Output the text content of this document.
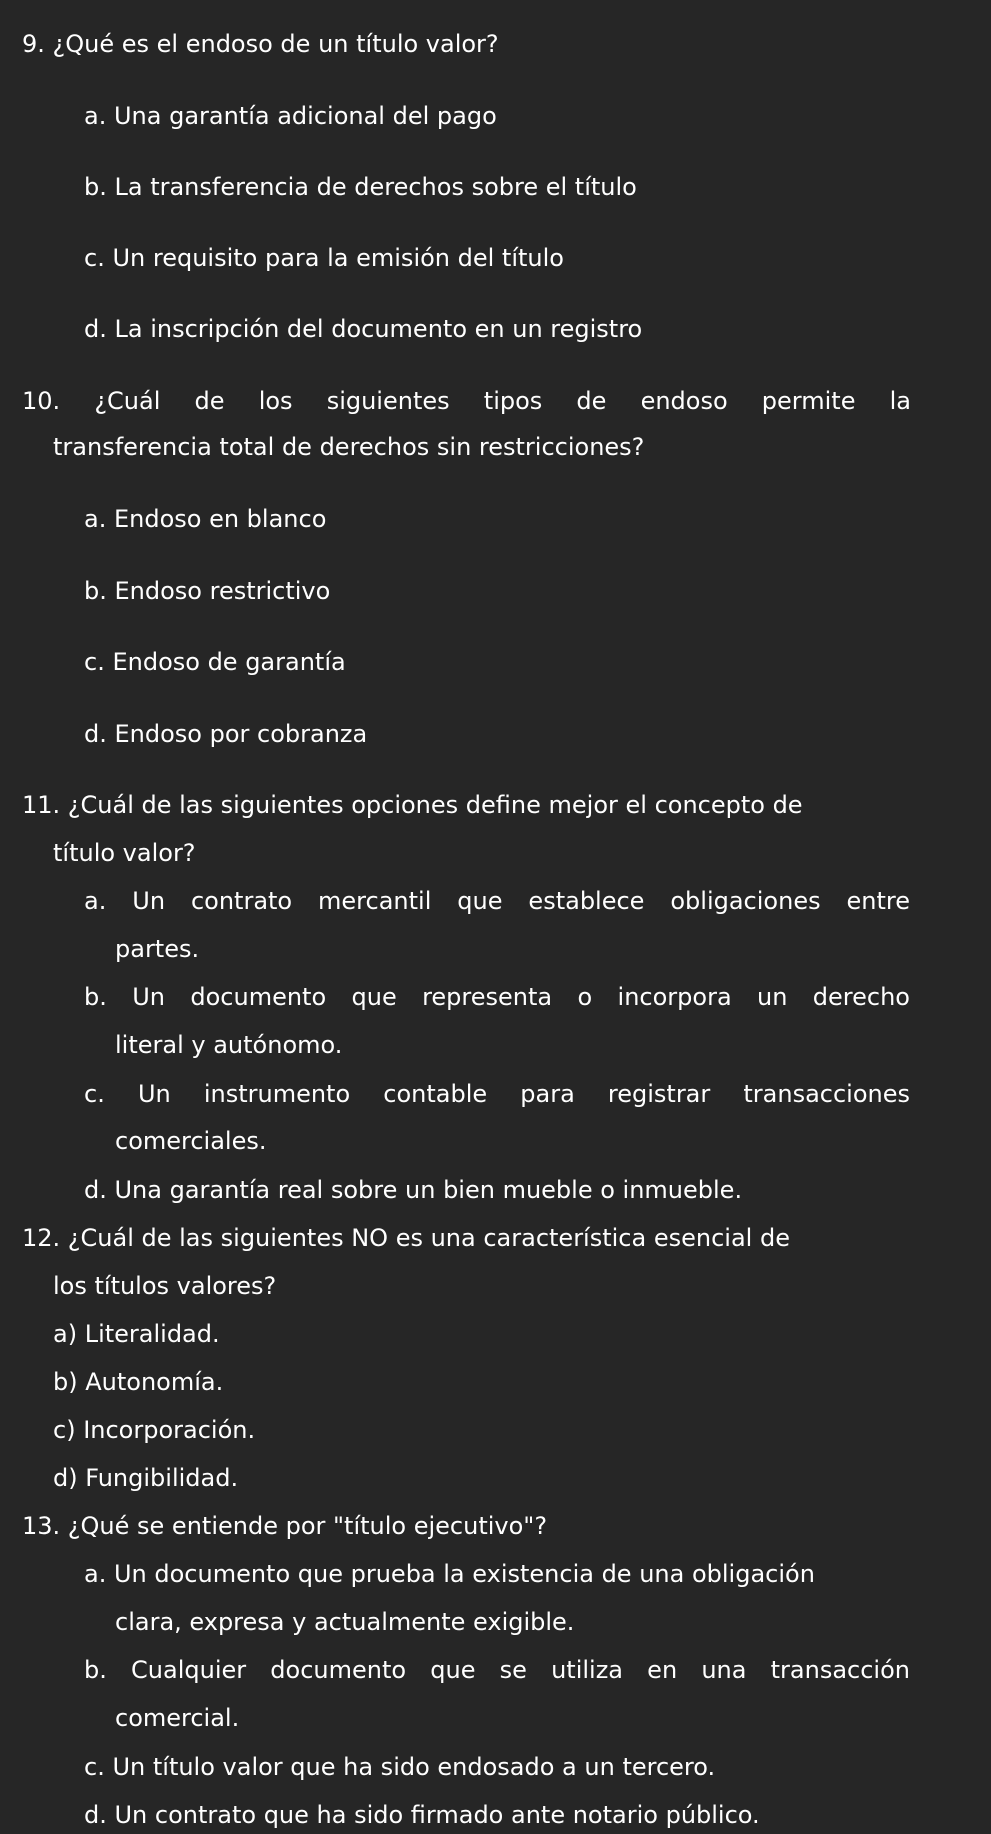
9. ¿Qué es el endoso de un título valor?
a. Una garantía adicional del pago
b. La transferencia de derechos sobre el título
c. Un requisito para la emisión del título
d. La inscripción del documento en un registro
10. ¿Cuál de los siguientes tipos de endoso permite la
transferencia total de derechos sin restricciones?
a. Endoso en blanco
b. Endoso restrictivo
c. Endoso de garantía
d. Endoso por cobranza
11. ¿Cuál de las siguientes opciones define mejor el concepto de
título valor?
a. Un contrato mercantil que establece obligaciones entre
partes.
b. Un documento que representa o incorpora un derecho
literal y autónomo.
c. Un instrumento contable para registrar transacciones
comerciales.
d. Una garantía real sobre un bien mueble o inmueble.
12. ¿Cuál de las siguientes NO es una característica esencial de
los títulos valores?
a) Literalidad.
b) Autonomía.
c) Incorporación.
d) Fungibilidad.
13. ¿Qué se entiende por "título ejecutivo"?
a. Un documento que prueba la existencia de una obligación
clara, expresa y actualmente exigible.
b. Cualquier documento que se utiliza en una transacción
comercial.
c. Un título valor que ha sido endosado a un tercero.
d. Un contrato que ha sido firmado ante notario público.
